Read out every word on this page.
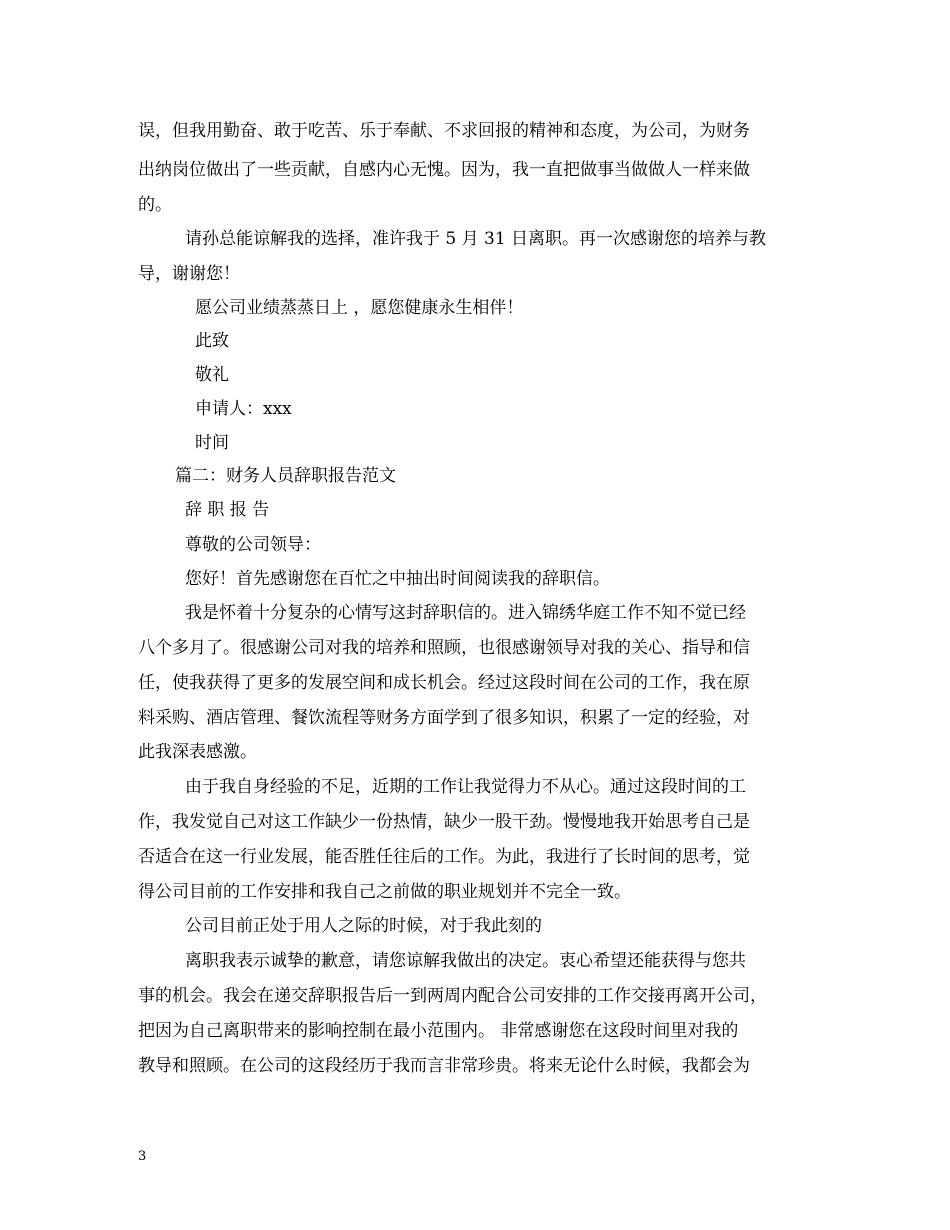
误，但我用勤奋、敢于吃苦、乐于奉献、不求回报的精神和态度，为公司，为财务
出纳岗位做出了一些贡献，自感内心无愧。因为，我一直把做事当做做人一样来做
的。
请孙总能谅解我的选择，准许我于 5 月 31 日离职。再一次感谢您的培养与教
导，谢谢您！
愿公司业绩蒸蒸日上 ，愿您健康永生相伴！
此致
敬礼
申请人：xxx
时间
篇二：财务人员辞职报告范文
辞 职 报 告
尊敬的公司领导：
您好！首先感谢您在百忙之中抽出时间阅读我的辞职信。
我是怀着十分复杂的心情写这封辞职信的。进入锦绣华庭工作不知不觉已经
八个多月了。很感谢公司对我的培养和照顾，也很感谢领导对我的关心、指导和信
任，使我获得了更多的发展空间和成长机会。经过这段时间在公司的工作，我在原
料采购、酒店管理、餐饮流程等财务方面学到了很多知识，积累了一定的经验，对
此我深表感激。
由于我自身经验的不足，近期的工作让我觉得力不从心。通过这段时间的工
作，我发觉自己对这工作缺少一份热情，缺少一股干劲。慢慢地我开始思考自己是
否适合在这一行业发展，能否胜任往后的工作。为此，我进行了长时间的思考，觉
得公司目前的工作安排和我自己之前做的职业规划并不完全一致。
公司目前正处于用人之际的时候，对于我此刻的
离职我表示诚挚的歉意，请您谅解我做出的决定。衷心希望还能获得与您共
事的机会。我会在递交辞职报告后一到两周内配合公司安排的工作交接再离开公司，
把因为自己离职带来的影响控制在最小范围内。 非常感谢您在这段时间里对我的
教导和照顾。在公司的这段经历于我而言非常珍贵。将来无论什么时候，我都会为
3
